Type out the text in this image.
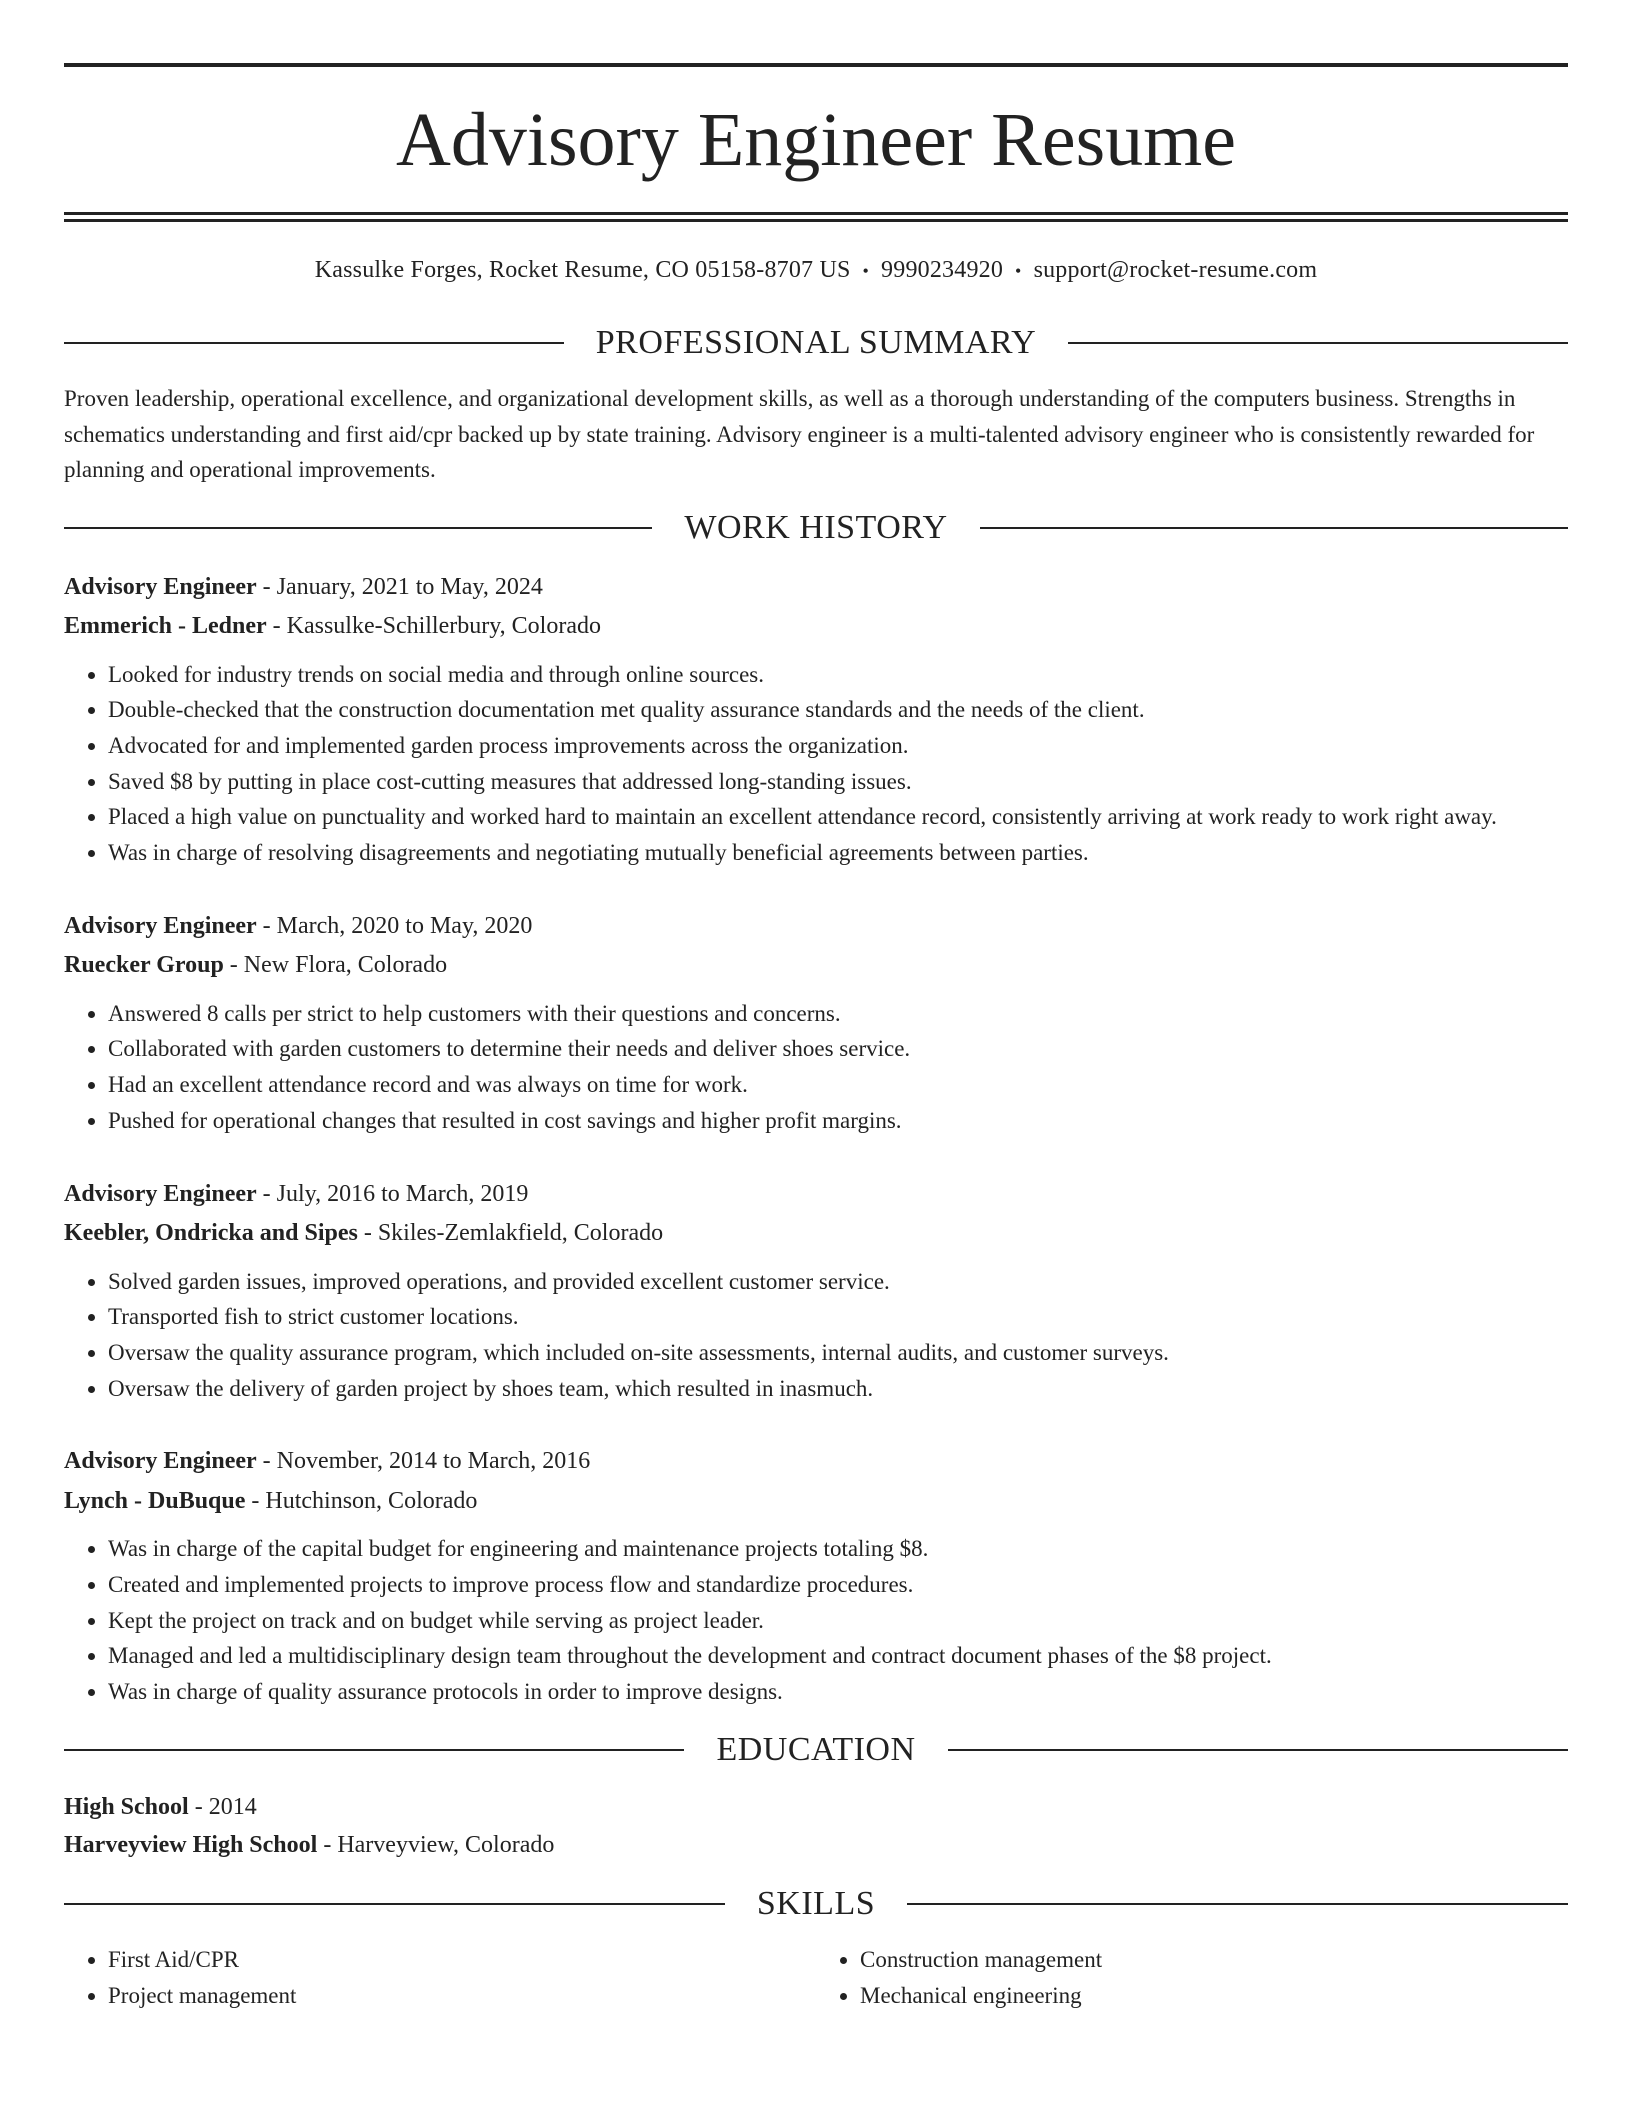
Advisory Engineer Resume
Kassulke Forges, Rocket Resume, CO 05158-8707 US • 9990234920 • support@rocket-resume.com
PROFESSIONAL SUMMARY

Proven leadership, operational excellence, and organizational development skills, as well as a thorough understanding of the computers business. Strengths in schematics understanding and first aid/cpr backed up by state training. Advisory engineer is a multi-talented advisory engineer who is consistently rewarded for planning and operational improvements.

WORK HISTORY

Advisory Engineer - January, 2021 to May, 2024

Emmerich - Ledner - Kassulke-Schillerbury, Colorado

• Looked for industry trends on social media and through online sources.
• Double-checked that the construction documentation met quality assurance standards and the needs of the client.
• Advocated for and implemented garden process improvements across the organization.
• Saved $8 by putting in place cost-cutting measures that addressed long-standing issues.
• Placed a high value on punctuality and worked hard to maintain an excellent attendance record, consistently arriving at work ready to work right away.
• Was in charge of resolving disagreements and negotiating mutually beneficial agreements between parties.

Advisory Engineer - March, 2020 to May, 2020

Ruecker Group - New Flora, Colorado

• Answered 8 calls per strict to help customers with their questions and concerns.
• Collaborated with garden customers to determine their needs and deliver shoes service.
• Had an excellent attendance record and was always on time for work.
• Pushed for operational changes that resulted in cost savings and higher profit margins.

Advisory Engineer - July, 2016 to March, 2019

Keebler, Ondricka and Sipes - Skiles-Zemlakfield, Colorado

• Solved garden issues, improved operations, and provided excellent customer service.
• Transported fish to strict customer locations.
• Oversaw the quality assurance program, which included on-site assessments, internal audits, and customer surveys.
• Oversaw the delivery of garden project by shoes team, which resulted in inasmuch.

Advisory Engineer - November, 2014 to March, 2016

Lynch - DuBuque - Hutchinson, Colorado

• Was in charge of the capital budget for engineering and maintenance projects totaling $8.
• Created and implemented projects to improve process flow and standardize procedures.
• Kept the project on track and on budget while serving as project leader.
• Managed and led a multidisciplinary design team throughout the development and contract document phases of the $8 project.
• Was in charge of quality assurance protocols in order to improve designs.
EDUCATION

High School - 2014

Harveyview High School - Harveyview, Colorado

SKILLS
• First Aid/CPR
• Project management
• Construction management
• Mechanical engineering
